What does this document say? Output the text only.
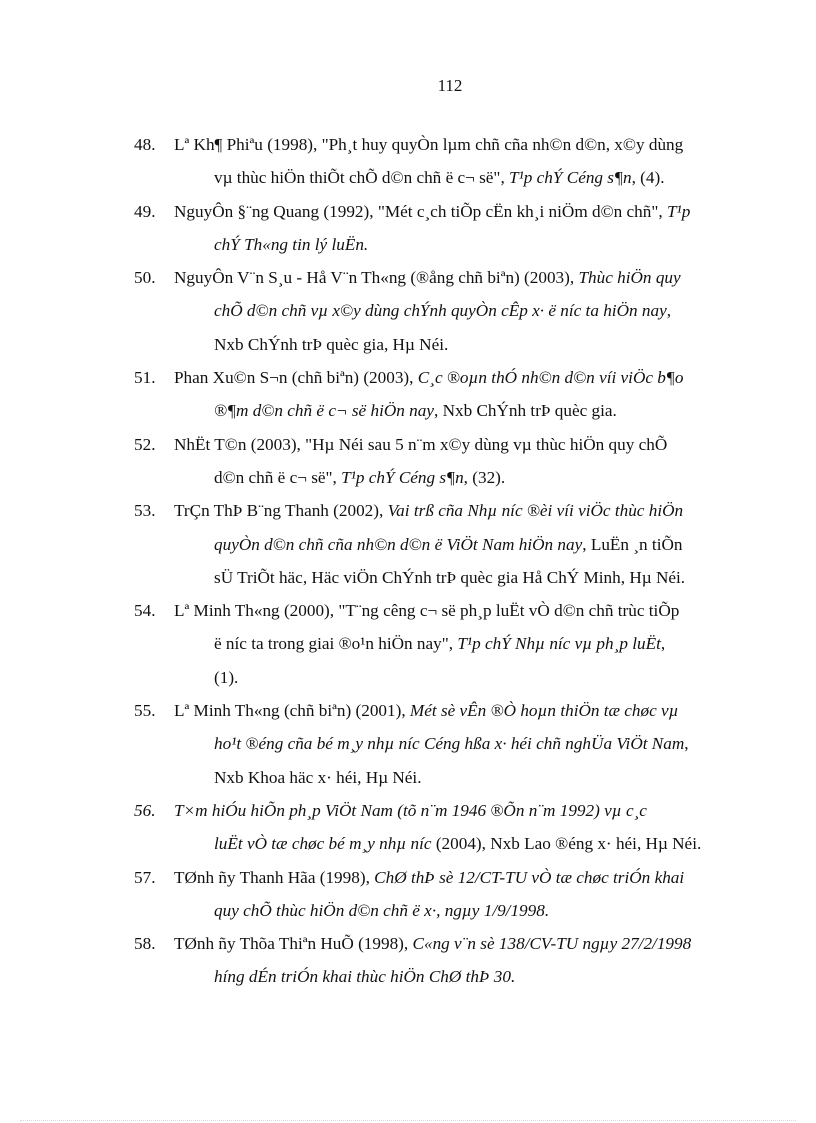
112
48. Lª Kh¶ Phiªu (1998), "Ph¸t huy quyÒn lµm chñ cña nh©n d©n, x©y dùng
vµ thùc hiÖn thiÕt chÕ d©n chñ ë c¬ së", T¹p chÝ Céng s¶n, (4).
49. NguyÔn §¨ng Quang (1992), "Mét c¸ch tiÕp cËn kh¸i niÖm d©n chñ", T¹p
chÝ Th«ng tin lý luËn.
50. NguyÔn V¨n S¸u - Hå V¨n Th«ng (®ång chñ biªn) (2003), Thùc hiÖn quy
chÕ d©n chñ vµ x©y dùng chÝnh quyÒn cÊp x· ë níc ta hiÖn nay,
Nxb ChÝnh trÞ quèc gia, Hµ Néi.
51. Phan Xu©n S¬n (chñ biªn) (2003), C¸c ®oµn thÓ nh©n d©n víi viÖc b¶o
®¶m d©n chñ ë c¬ së hiÖn nay, Nxb ChÝnh trÞ quèc gia.
52. NhËt T©n (2003), "Hµ Néi sau 5 n¨m x©y dùng vµ thùc hiÖn quy chÕ
d©n chñ ë c¬ së", T¹p chÝ Céng s¶n, (32).
53. TrÇn ThÞ B¨ng Thanh (2002), Vai trß cña Nhµ níc ®èi víi viÖc thùc hiÖn
quyÒn d©n chñ cña nh©n d©n ë ViÖt Nam hiÖn nay, LuËn ¸n tiÕn
sÜ TriÕt häc, Häc viÖn ChÝnh trÞ quèc gia Hå ChÝ Minh, Hµ Néi.
54. Lª Minh Th«ng (2000), "T¨ng cêng c¬ së ph¸p luËt vÒ d©n chñ trùc tiÕp
ë níc ta trong giai ®o¹n hiÖn nay", T¹p chÝ Nhµ níc vµ ph¸p luËt,
(1).
55. Lª Minh Th«ng (chñ biªn) (2001), Mét sè vÊn ®Ò hoµn thiÖn tæ chøc vµ
ho¹t ®éng cña bé m¸y nhµ níc Céng hßa x· héi chñ nghÜa ViÖt Nam,
Nxb Khoa häc x· héi, Hµ Néi.
56. T×m hiÓu hiÕn ph¸p ViÖt Nam (tõ n¨m 1946 ®Õn n¨m 1992) vµ c¸c
luËt vÒ tæ chøc bé m¸y nhµ níc (2004), Nxb Lao ®éng x· héi, Hµ Néi.
57. TØnh ñy Thanh Hãa (1998), ChØ thÞ sè 12/CT-TU vÒ tæ chøc triÓn khai
quy chÕ thùc hiÖn d©n chñ ë x·, ngµy 1/9/1998.
58. TØnh ñy Thõa Thiªn HuÕ (1998), C«ng v¨n sè 138/CV-TU ngµy 27/2/1998
híng dÉn triÓn khai thùc hiÖn ChØ thÞ 30.
